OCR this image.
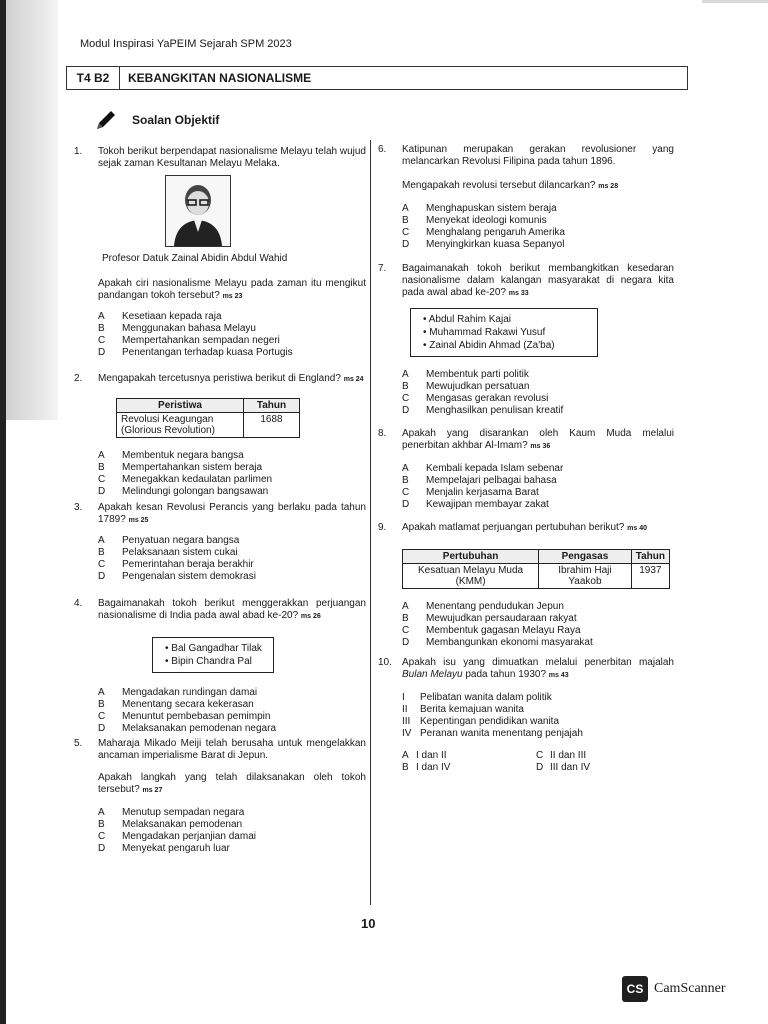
Modul Inspirasi YaPEIM Sejarah SPM 2023
T4 B2	KEBANGKITAN NASIONALISME
Soalan Objektif
1. Tokoh berikut berpendapat nasionalisme Melayu telah wujud sejak zaman Kesultanan Melayu Melaka.
Profesor Datuk Zainal Abidin Abdul Wahid
Apakah ciri nasionalisme Melayu pada zaman itu mengikut pandangan tokoh tersebut? ms 23
A	Kesetiaan kepada raja
B	Menggunakan bahasa Melayu
C	Mempertahankan sempadan negeri
D	Penentangan terhadap kuasa Portugis
2. Mengapakah tercetusnya peristiwa berikut di England? ms 24
Peristiwa	Tahun
Revolusi Keagungan (Glorious Revolution)	1688
A	Membentuk negara bangsa
B	Mempertahankan sistem beraja
C	Menegakkan kedaulatan parlimen
D	Melindungi golongan bangsawan
3. Apakah kesan Revolusi Perancis yang berlaku pada tahun 1789? ms 25
A	Penyatuan negara bangsa
B	Pelaksanaan sistem cukai
C	Pemerintahan beraja berakhir
D	Pengenalan sistem demokrasi
4. Bagaimanakah tokoh berikut menggerakkan perjuangan nasionalisme di India pada awal abad ke-20? ms 26
• Bal Gangadhar Tilak
• Bipin Chandra Pal
A	Mengadakan rundingan damai
B	Menentang secara kekerasan
C	Menuntut pembebasan pemimpin
D	Melaksanakan pemodenan negara
5. Maharaja Mikado Meiji telah berusaha untuk mengelakkan ancaman imperialisme Barat di Jepun.
Apakah langkah yang telah dilaksanakan oleh tokoh tersebut? ms 27
A	Menutup sempadan negara
B	Melaksanakan pemodenan
C	Mengadakan perjanjian damai
D	Menyekat pengaruh luar
6. Katipunan merupakan gerakan revolusioner yang melancarkan Revolusi Filipina pada tahun 1896.
Mengapakah revolusi tersebut dilancarkan? ms 28
A	Menghapuskan sistem beraja
B	Menyekat ideologi komunis
C	Menghalang pengaruh Amerika
D	Menyingkirkan kuasa Sepanyol
7. Bagaimanakah tokoh berikut membangkitkan kesedaran nasionalisme dalam kalangan masyarakat di negara kita pada awal abad ke-20? ms 33
• Abdul Rahim Kajai
• Muhammad Rakawi Yusuf
• Zainal Abidin Ahmad (Za'ba)
A	Membentuk parti politik
B	Mewujudkan persatuan
C	Mengasas gerakan revolusi
D	Menghasilkan penulisan kreatif
8. Apakah yang disarankan oleh Kaum Muda melalui penerbitan akhbar Al-Imam? ms 36
A	Kembali kepada Islam sebenar
B	Mempelajari pelbagai bahasa
C	Menjalin kerjasama Barat
D	Kewajipan membayar zakat
9. Apakah matlamat perjuangan pertubuhan berikut? ms 40
Pertubuhan	Pengasas	Tahun
Kesatuan Melayu Muda (KMM)	Ibrahim Haji Yaakob	1937
A	Menentang pendudukan Jepun
B	Mewujudkan persaudaraan rakyat
C	Membentuk gagasan Melayu Raya
D	Membangunkan ekonomi masyarakat
10. Apakah isu yang dimuatkan melalui penerbitan majalah Bulan Melayu pada tahun 1930? ms 43
I	Pelibatan wanita dalam politik
II	Berita kemajuan wanita
III Kepentingan pendidikan wanita
IV Peranan wanita menentang penjajah
A I dan II	C II dan III
B I dan IV	D III dan IV
10
CS CamScanner
